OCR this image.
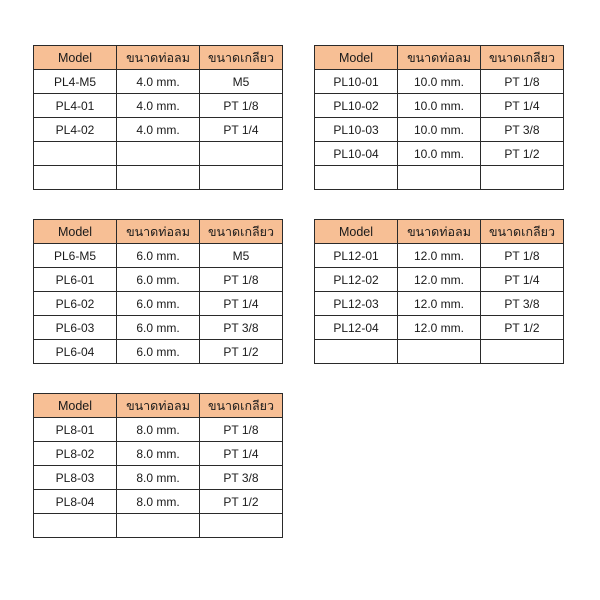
Model	ขนาดท่อลม	ขนาดเกลียว
PL4-M5	4.0 mm.	M5
PL4-01	4.0 mm.	PT 1/8
PL4-02	4.0 mm.	PT 1/4

Model	ขนาดท่อลม	ขนาดเกลียว
PL10-01	10.0 mm.	PT 1/8
PL10-02	10.0 mm.	PT 1/4
PL10-03	10.0 mm.	PT 3/8
PL10-04	10.0 mm.	PT 1/2

Model	ขนาดท่อลม	ขนาดเกลียว
PL6-M5	6.0 mm.	M5
PL6-01	6.0 mm.	PT 1/8
PL6-02	6.0 mm.	PT 1/4
PL6-03	6.0 mm.	PT 3/8
PL6-04	6.0 mm.	PT 1/2
Model	ขนาดท่อลม	ขนาดเกลียว
PL12-01	12.0 mm.	PT 1/8
PL12-02	12.0 mm.	PT 1/4
PL12-03	12.0 mm.	PT 3/8
PL12-04	12.0 mm.	PT 1/2

Model	ขนาดท่อลม	ขนาดเกลียว
PL8-01	8.0 mm.	PT 1/8
PL8-02	8.0 mm.	PT 1/4
PL8-03	8.0 mm.	PT 3/8
PL8-04	8.0 mm.	PT 1/2
